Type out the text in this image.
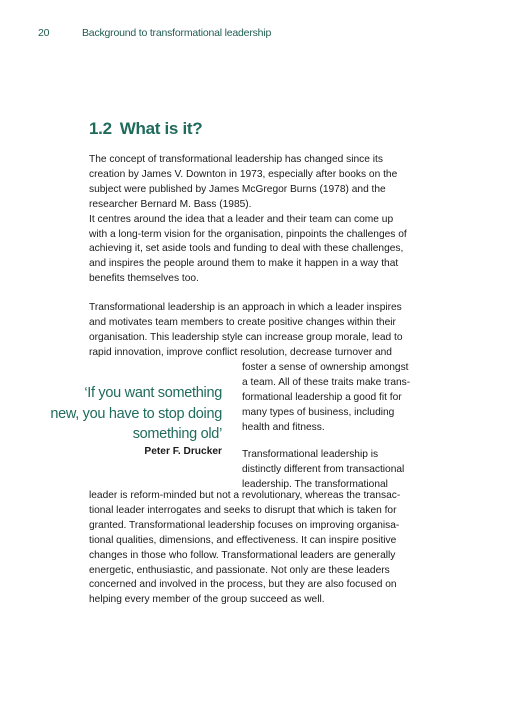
20	Background to transformational leadership
1.2 What is it?
The concept of transformational leadership has changed since its
creation by James V. Downton in 1973, especially after books on the
subject were published by James McGregor Burns (1978) and the
researcher Bernard M. Bass (1985).
It centres around the idea that a leader and their team can come up
with a long-term vision for the organisation, pinpoints the challenges of
achieving it, set aside tools and funding to deal with these challenges,
and inspires the people around them to make it happen in a way that
benefits themselves too.
Transformational leadership is an approach in which a leader inspires
and motivates team members to create positive changes within their
organisation. This leadership style can increase group morale, lead to
rapid innovation, improve conflict resolution, decrease turnover and
foster a sense of ownership amongst
a team. All of these traits make trans-
formational leadership a good fit for
many types of business, including
health and fitness.
‘If you want something
new, you have to stop doing
something old’
Peter F. Drucker Transformational leadership is
distinctly different from transactional
leadership. The transformational
leader is reform-minded but not a revolutionary, whereas the transac-
tional leader interrogates and seeks to disrupt that which is taken for
granted. Transformational leadership focuses on improving organisa-
tional qualities, dimensions, and effectiveness. It can inspire positive
changes in those who follow. Transformational leaders are generally
energetic, enthusiastic, and passionate. Not only are these leaders
concerned and involved in the process, but they are also focused on
helping every member of the group succeed as well.
